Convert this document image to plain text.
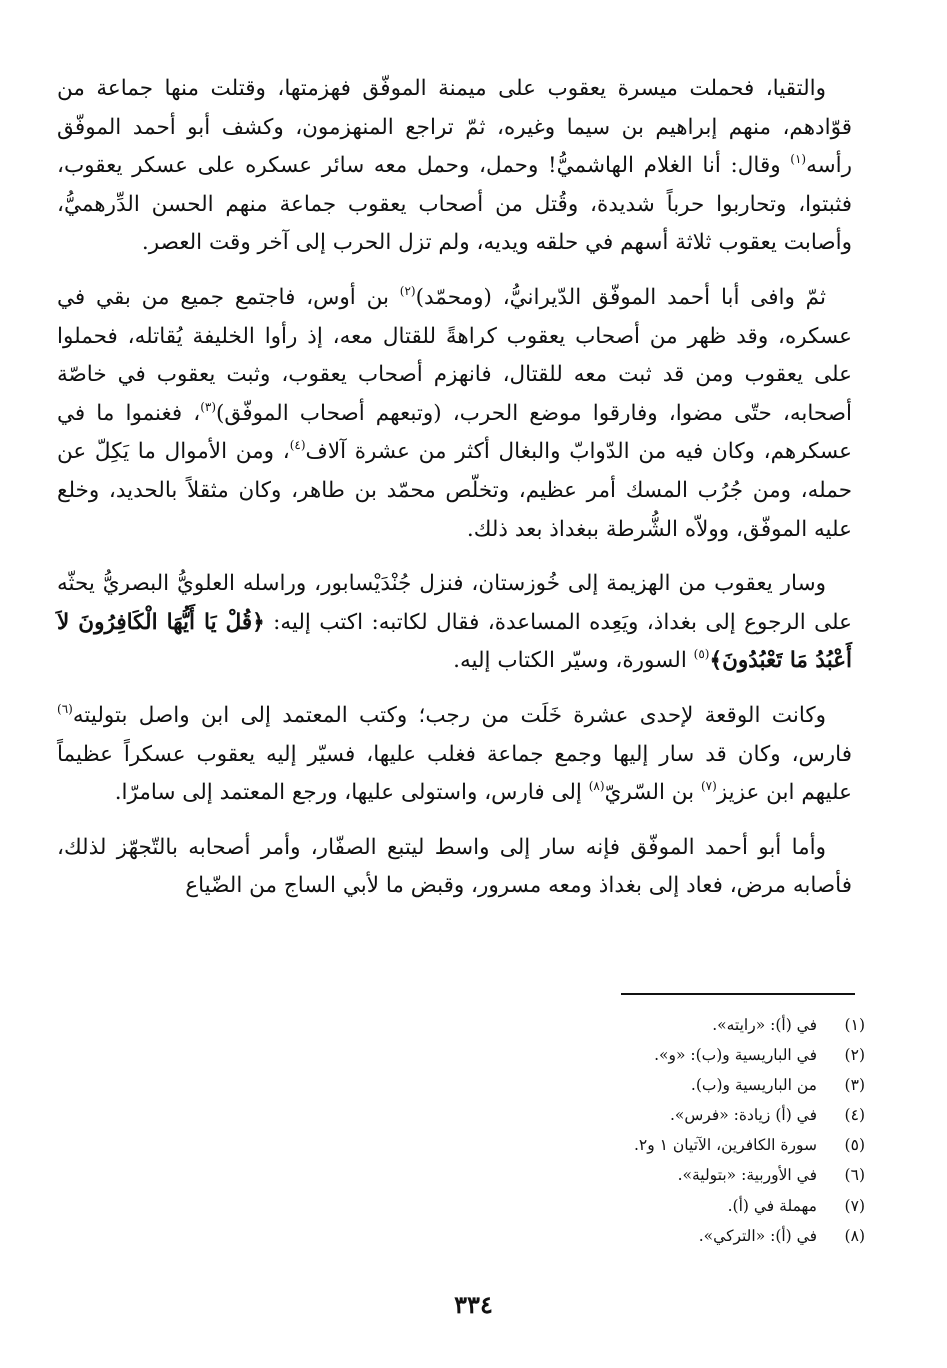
والتقيا، فحملت ميسرة يعقوب على ميمنة الموفّق فهزمتها، وقتلت منها جماعة من قوّادهم، منهم إبراهيم بن سيما وغيره، ثمّ تراجع المنهزمون، وكشف أبو أحمد الموفّق رأسه$^{(١)}$ وقال: أنا الغلام الهاشميُّ! وحمل، وحمل معه سائر عسكره على عسكر يعقوب، فثبتوا، وتحاربوا حرباً شديدة، وقُتل من أصحاب يعقوب جماعة منهم الحسن الدِّرهميُّ، وأصابت يعقوب ثلاثة أسهم في حلقه ويديه، ولم تزل الحرب إلى آخر وقت العصر.

ثمّ وافى أبا أحمد الموفّق الدّيرانيُّ، (ومحمّد)$^{(٢)}$ بن أوس، فاجتمع جميع من بقي في عسكره، وقد ظهر من أصحاب يعقوب كراهةً للقتال معه، إذ رأوا الخليفة يُقاتله، فحملوا على يعقوب ومن قد ثبت معه للقتال، فانهزم أصحاب يعقوب، وثبت يعقوب في خاصّة أصحابه، حتّى مضوا، وفارقوا موضع الحرب، (وتبعهم أصحاب الموفّق)$^{(٣)}$، فغنموا ما في عسكرهم، وكان فيه من الدّوابّ والبغال أكثر من عشرة آلاف$^{(٤)}$، ومن الأموال ما يَكِلّ عن حمله، ومن جُرُب المسك أمر عظيم، وتخلّص محمّد بن طاهر، وكان مثقلاً بالحديد، وخلع عليه الموفّق، وولاّه الشُّرطة ببغداذ بعد ذلك.

وسار يعقوب من الهزيمة إلى خُوزستان، فنزل جُنْدَيْسابور، وراسله العلويُّ البصريُّ يحثّه على الرجوع إلى بغداذ، ويَعِده المساعدة، فقال لكاتبه: اكتب إليه: ﴿قُلْ يَا أَيُّهَا الْكَافِرُونَ لاَ أَعْبُدُ مَا تَعْبُدُونَ﴾$^{(٥)}$ السورة، وسيّر الكتاب إليه.

وكانت الوقعة لإحدى عشرة خَلَت من رجب؛ وكتب المعتمد إلى ابن واصل بتوليته$^{(٦)}$ فارس، وكان قد سار إليها وجمع جماعة فغلب عليها، فسيّر إليه يعقوب عسكراً عظيماً عليهم ابن عزيز$^{(٧)}$ بن السّريّ$^{(٨)}$ إلى فارس، واستولى عليها، ورجع المعتمد إلى سامرّا.

وأما أبو أحمد الموفّق فإنه سار إلى واسط ليتبع الصفّار، وأمر أصحابه بالتّجهّز لذلك، فأصابه مرض، فعاد إلى بغداذ ومعه مسرور، وقبض ما لأبي الساج من الضّياع

(١)
في (أ): «رايته».
(٢)
في الباريسية و(ب): «و».
(٣)
من الباريسية و(ب).
(٤)
في (أ) زيادة: «فرس».
(٥)
سورة الكافرين، الآتيان ١ و٢.
(٦)
في الأوربية: «بتولية».
(٧)
مهملة في (أ).
(٨)
في (أ): «التركي».
٣٣٤
